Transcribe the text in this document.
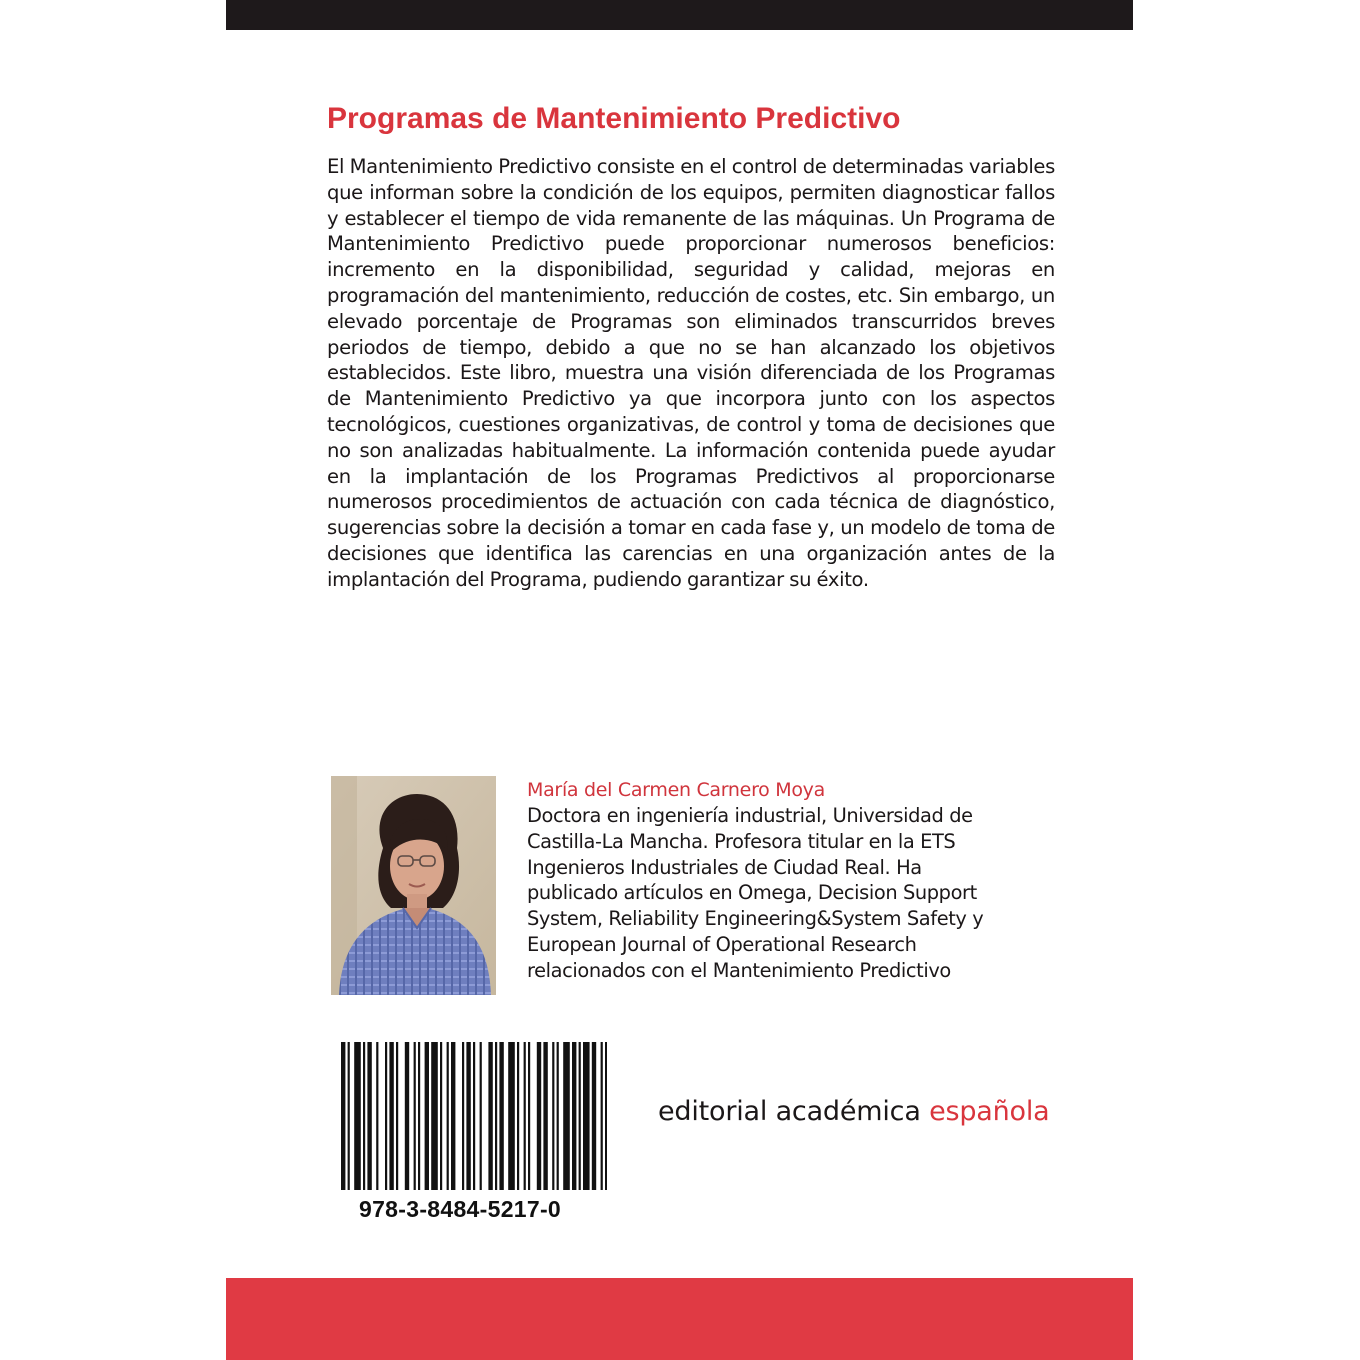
Programas de Mantenimiento Predictivo

El Mantenimiento Predictivo consiste en el control de determinadas variables que informan sobre la condición de los equipos, permiten diagnosticar fallos y establecer el tiempo de vida remanente de las máquinas. Un Programa de Mantenimiento Predictivo puede proporcionar numerosos beneficios: incremento en la disponibilidad, seguridad y calidad, mejoras en programación del mantenimiento, reducción de costes, etc. Sin embargo, un elevado porcentaje de Programas son eliminados transcurridos breves periodos de tiempo, debido a que no se han alcanzado los objetivos establecidos. Este libro, muestra una visión diferenciada de los Programas de Mantenimiento Predictivo ya que incorpora junto con los aspectos tecnológicos, cuestiones organizativas, de control y toma de decisiones que no son analizadas habitualmente. La información contenida puede ayudar en la implantación de los Programas Predictivos al proporcionarse numerosos procedimientos de actuación con cada técnica de diagnóstico, sugerencias sobre la decisión a tomar en cada fase y, un modelo de toma de decisiones que identifica las carencias en una organización antes de la implantación del Programa, pudiendo garantizar su éxito.

María del Carmen Carnero Moya

Doctora en ingeniería industrial, Universidad de
Castilla-La Mancha. Profesora titular en la ETS
Ingenieros Industriales de Ciudad Real. Ha
publicado artículos en Omega, Decision Support
System, Reliability Engineering&System Safety y
European Journal of Operational Research
relacionados con el Mantenimiento Predictivo

978-3-8484-5217-0

editorial académica española
